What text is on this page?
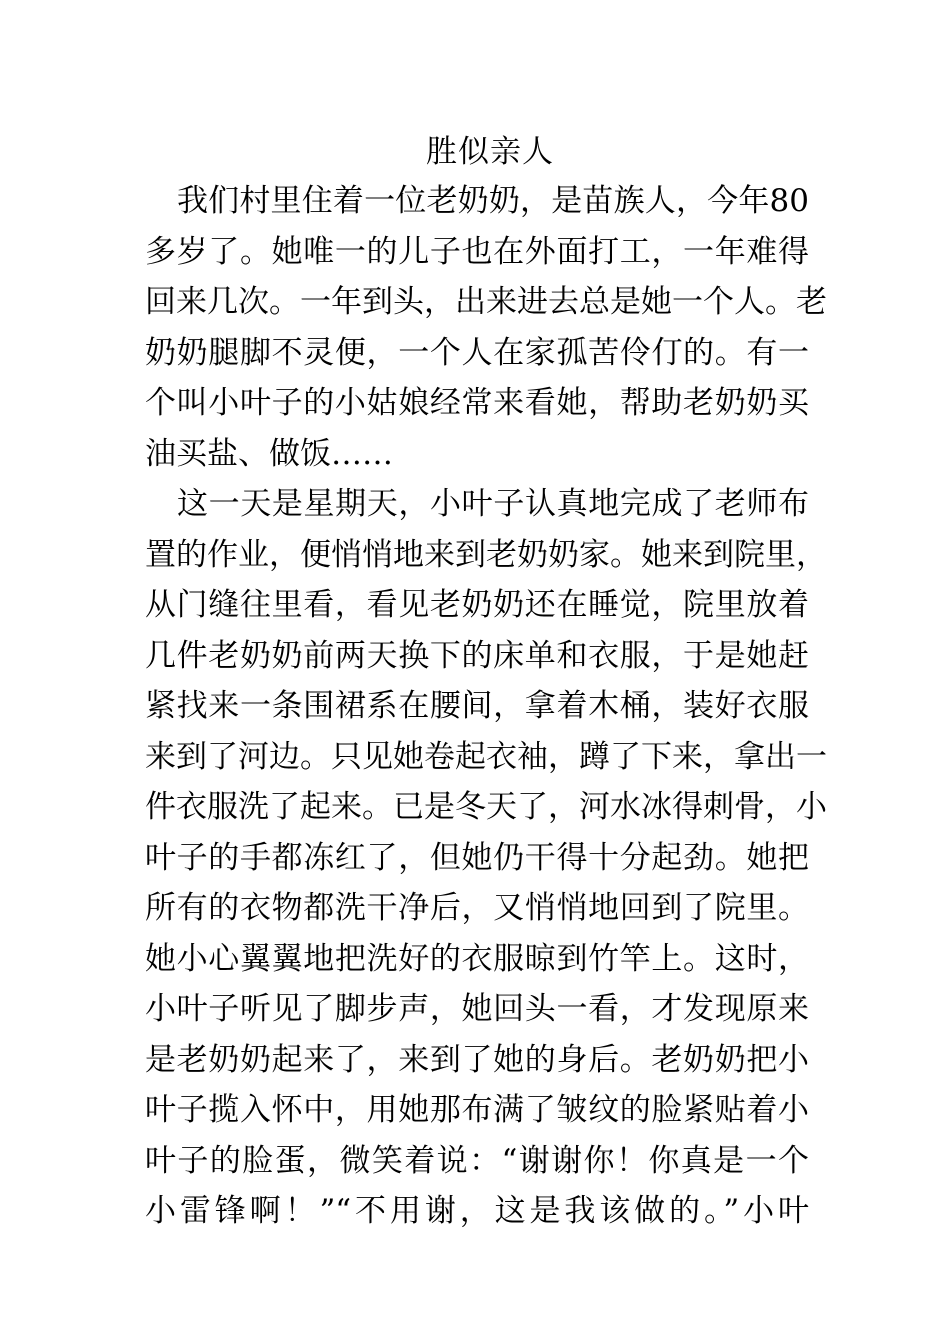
胜似亲人
我们村里住着一位老奶奶，是苗族人，今年80
多岁了。她唯一的儿子也在外面打工，一年难得
回来几次。一年到头，出来进去总是她一个人。老
奶奶腿脚不灵便，一个人在家孤苦伶仃的。有一
个叫小叶子的小姑娘经常来看她，帮助老奶奶买
油买盐、做饭……
这一天是星期天，小叶子认真地完成了老师布
置的作业，便悄悄地来到老奶奶家。她来到院里，
从门缝往里看，看见老奶奶还在睡觉，院里放着
几件老奶奶前两天换下的床单和衣服，于是她赶
紧找来一条围裙系在腰间，拿着木桶，装好衣服
来到了河边。只见她卷起衣袖，蹲了下来，拿出一
件衣服洗了起来。已是冬天了，河水冰得刺骨，小
叶子的手都冻红了，但她仍干得十分起劲。她把
所有的衣物都洗干净后，又悄悄地回到了院里。
她小心翼翼地把洗好的衣服晾到竹竿上。这时，
小叶子听见了脚步声，她回头一看，才发现原来
是老奶奶起来了，来到了她的身后。老奶奶把小
叶子揽入怀中，用她那布满了皱纹的脸紧贴着小
叶子的脸蛋，微笑着说：“谢谢你！你真是一个
小雷锋啊！”“不用谢，这是我该做的。”小叶
